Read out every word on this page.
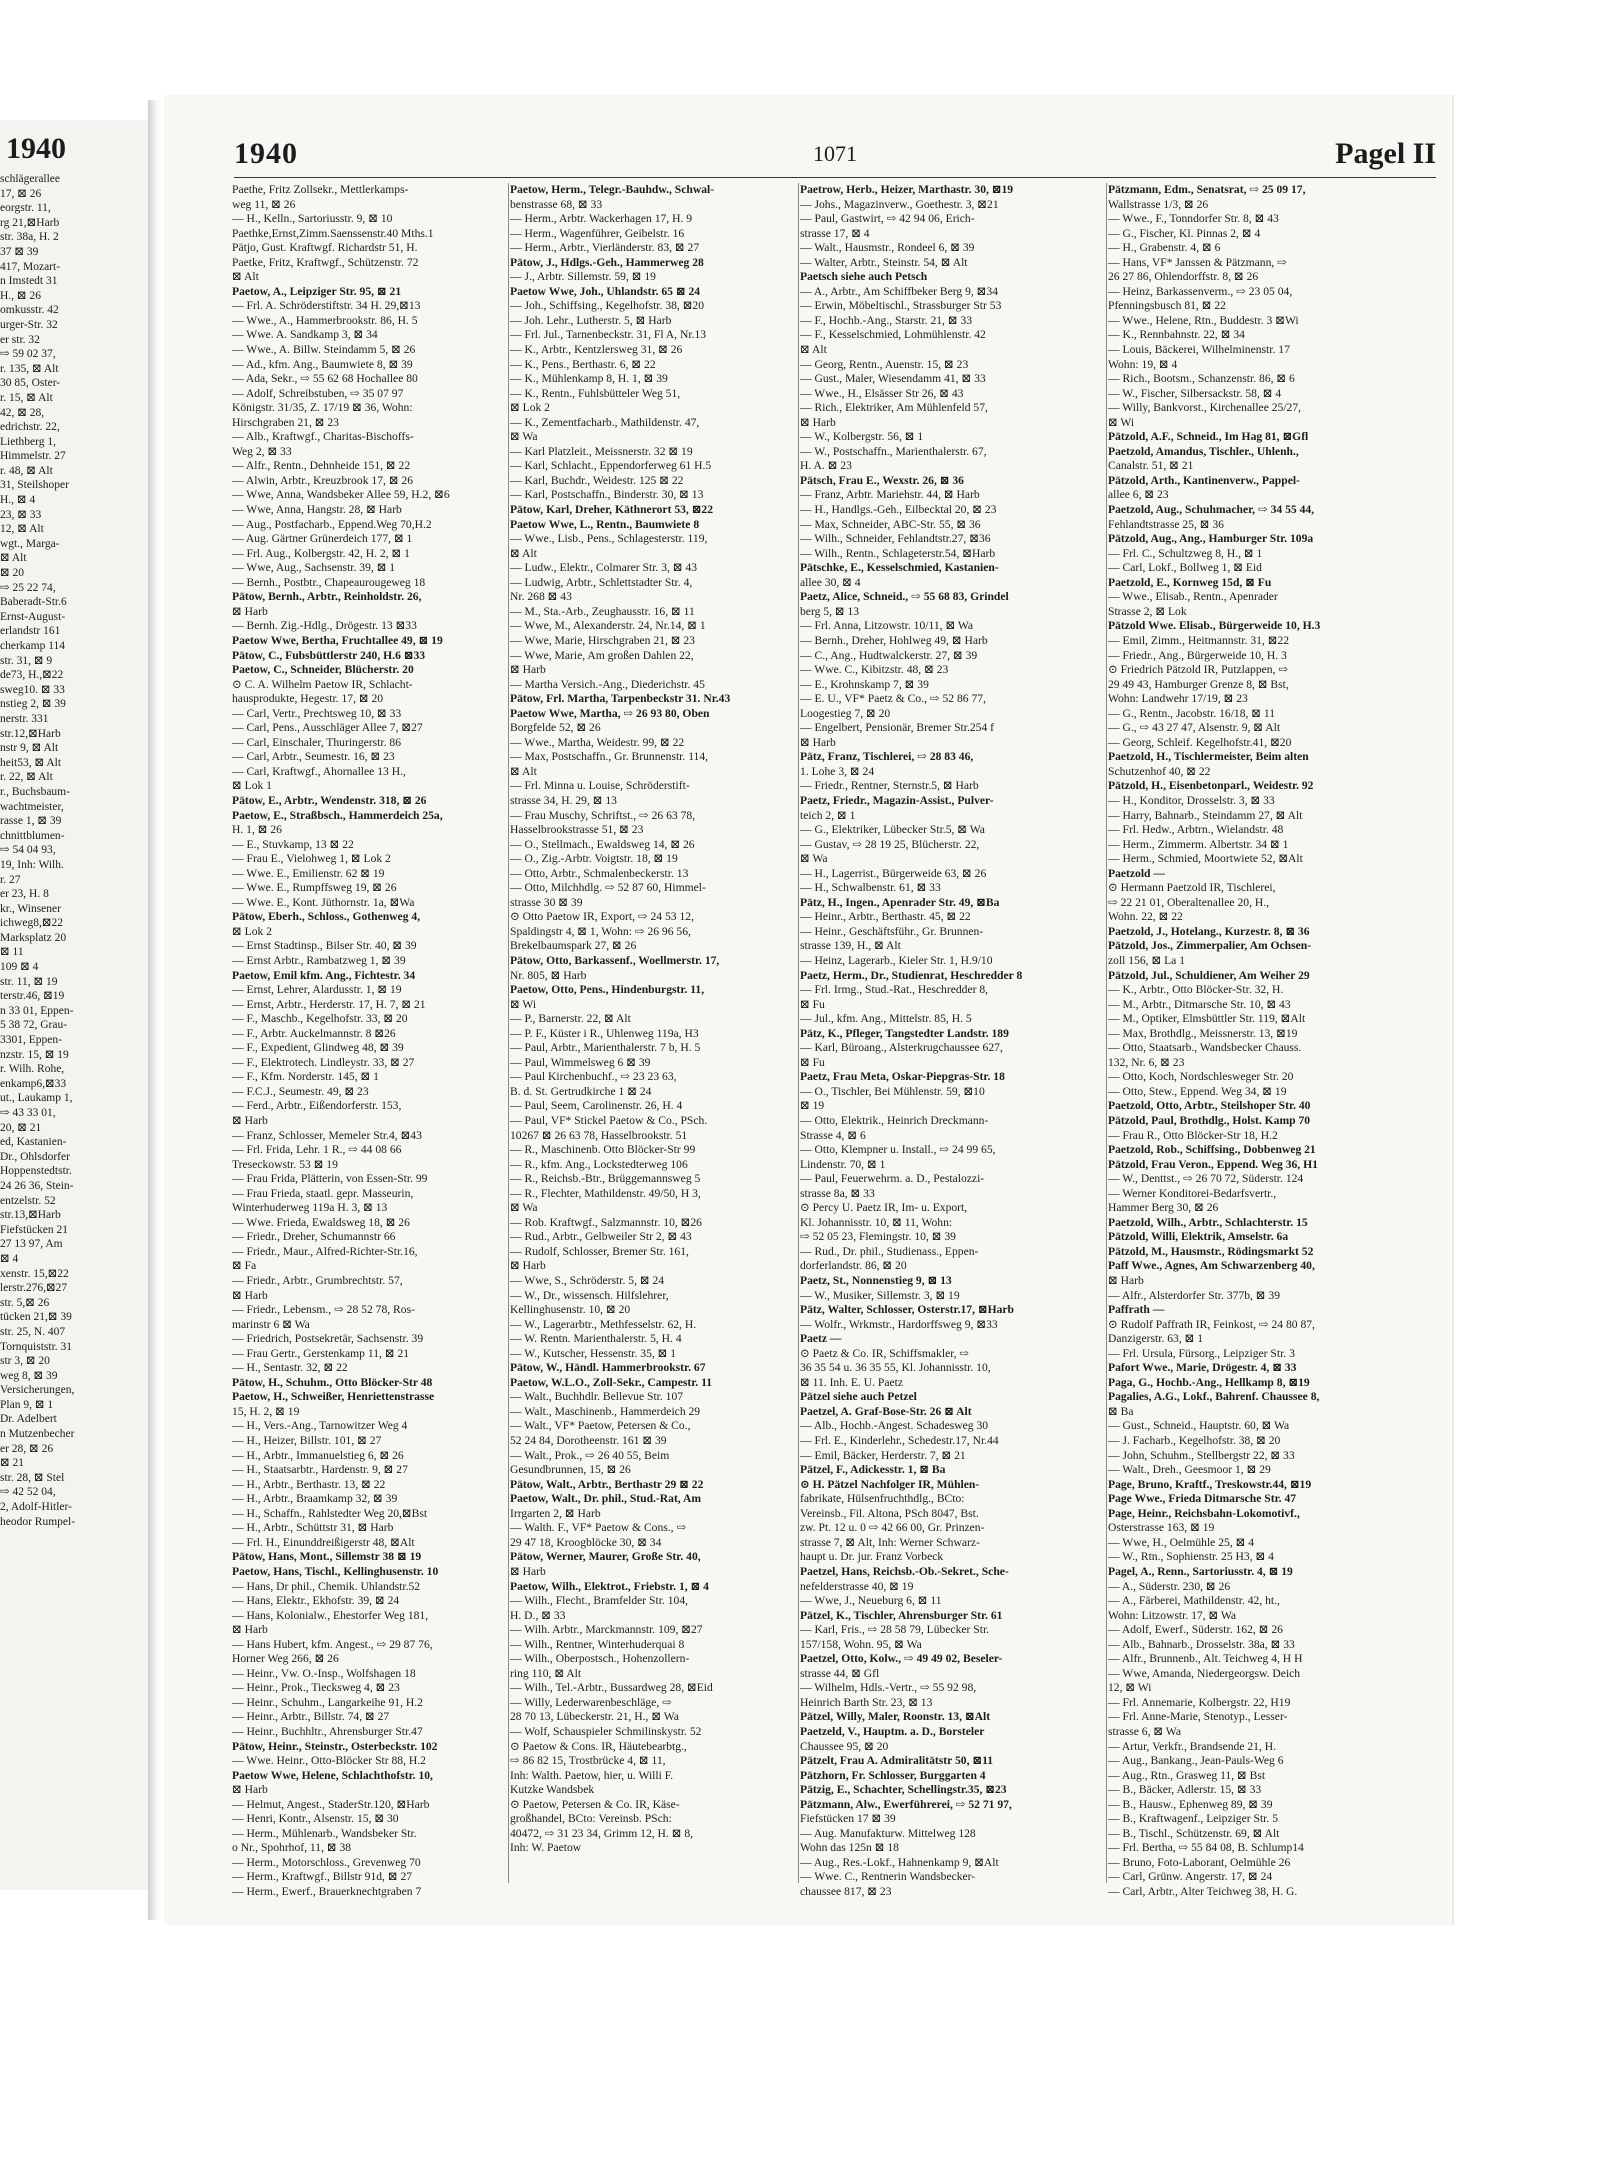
1940
schlägerallee
17, ⊠ 26
eorgstr. 11,
rg 21,⊠Harb
str. 38a, H. 2
37 ⊠ 39
417, Mozart-
n Imstedt 31
H., ⊠ 26
omkusstr. 42
urger-Str. 32
er str. 32
⇨ 59 02 37,
r. 135, ⊠ Alt
30 85, Oster-
r. 15, ⊠ Alt
42, ⊠ 28,
edrichstr. 22,
Liethberg 1,
Himmelstr. 27
r. 48, ⊠ Alt
31, Steilshoper
H., ⊠ 4
23, ⊠ 33
12, ⊠ Alt
wgt., Marga-
⊠ Alt
⊠ 20
⇨ 25 22 74,
Baberadt-Str.6
Ernst-August-
erlandstr 161
cherkamp 114
str. 31, ⊠ 9
de73, H.,⊠22
sweg10. ⊠ 33
nstieg 2, ⊠ 39
nerstr. 331
str.12,⊠Harb
nstr 9, ⊠ Alt
heit53, ⊠ Alt
r. 22, ⊠ Alt
r., Buchsbaum-
wachtmeister,
rasse 1, ⊠ 39
chnittblumen-
⇨ 54 04 93,
19, Inh: Wilh.
r. 27
er 23, H. 8
kr., Winsener
ichweg8,⊠22
Marksplatz 20
⊠ 11
109 ⊠ 4
str. 11, ⊠ 19
terstr.46, ⊠19
n 33 01, Eppen-
5 38 72, Grau-
3301, Eppen-
nzstr. 15, ⊠ 19
r. Wilh. Rohe,
enkamp6,⊠33
ut., Laukamp 1,
⇨ 43 33 01,
20, ⊠ 21
ed, Kastanien-
Dr., Ohlsdorfer
Hoppenstedtstr.
24 26 36, Stein-
entzelstr. 52
str.13,⊠Harb
Fiefstücken 21
27 13 97, Am
⊠ 4
xenstr. 15,⊠22
lerstr.276,⊠27
str. 5,⊠ 26
tücken 21,⊠ 39
str. 25, N. 407
Tornquiststr. 31
str 3, ⊠ 20
weg 8, ⊠ 39
Versicherungen,
Plan 9, ⊠ 1
Dr. Adelbert
n Mutzenbecher
er 28, ⊠ 26
⊠ 21
str. 28, ⊠ Stel
⇨ 42 52 04,
2, Adolf-Hitler-
heodor Rumpel-
1940	1071	Pagel II
Paethe, Fritz Zollsekr., Mettlerkamps-
weg 11, ⊠ 26
— H., Kelln., Sartoriusstr. 9, ⊠ 10
Paethke,Ernst,Zimm.Saenssenstr.40 Mths.1
Pätjo, Gust. Kraftwgf. Richardstr 51, H.
Paetke, Fritz, Kraftwgf., Schützenstr. 72
⊠ Alt
Paetow, A., Leipziger Str. 95, ⊠ 21
— Frl. A. Schröderstiftstr. 34 H. 29,⊠13
— Wwe., A., Hammerbrookstr. 86, H. 5
— Wwe. A. Sandkamp 3, ⊠ 34
— Wwe., A. Billw. Steindamm 5, ⊠ 26
— Ad., kfm. Ang., Baumwiete 8, ⊠ 39
— Ada, Sekr., ⇨ 55 62 68 Hochallee 80
— Adolf, Schreibstuben, ⇨ 35 07 97
Königstr. 31/35, Z. 17/19 ⊠ 36, Wohn:
Hirschgraben 21, ⊠ 23
— Alb., Kraftwgf., Charitas-Bischoffs-
Weg 2, ⊠ 33
— Alfr., Rentn., Dehnheide 151, ⊠ 22
— Alwin, Arbtr., Kreuzbrook 17, ⊠ 26
— Wwe, Anna, Wandsbeker Allee 59, H.2, ⊠6
— Wwe, Anna, Hangstr. 28, ⊠ Harb
— Aug., Postfacharb., Eppend.Weg 70,H.2
— Aug. Gärtner Grünerdeich 177, ⊠ 1
— Frl. Aug., Kolbergstr. 42, H. 2, ⊠ 1
— Wwe, Aug., Sachsenstr. 39, ⊠ 1
— Bernh., Postbtr., Chapeaurougeweg 18
Pätow, Bernh., Arbtr., Reinholdstr. 26,
⊠ Harb
— Bernh. Zig.-Hdlg., Drögestr. 13 ⊠33
Paetow Wwe, Bertha, Fruchtallee 49, ⊠ 19
Pätow, C., Fubsbüttlerstr 240, H.6 ⊠33
Paetow, C., Schneider, Blücherstr. 20
⊙ C. A. Wilhelm Paetow IR, Schlacht-
hausprodukte, Hegestr. 17, ⊠ 20
— Carl, Vertr., Prechtsweg 10, ⊠ 33
— Carl, Pens., Ausschläger Allee 7, ⊠27
— Carl, Einschaler, Thuringerstr. 86
— Carl, Arbtr., Seumestr. 16, ⊠ 23
— Carl, Kraftwgf., Ahornallee 13 H.,
⊠ Lok 1
Pätow, E., Arbtr., Wendenstr. 318, ⊠ 26
Paetow, E., Straßbsch., Hammerdeich 25a,
H. 1, ⊠ 26
— E., Stuvkamp, 13 ⊠ 22
— Frau E., Vielohweg 1, ⊠ Lok 2
— Wwe. E., Emilienstr. 62 ⊠ 19
— Wwe. E., Rumpffsweg 19, ⊠ 26
— Wwe. E., Kont. Jüthornstr. 1a, ⊠Wa
Pätow, Eberh., Schloss., Gothenweg 4,
⊠ Lok 2
— Ernst Stadtinsp., Bilser Str. 40, ⊠ 39
— Ernst Arbtr., Rambatzweg 1, ⊠ 39
Paetow, Emil kfm. Ang., Fichtestr. 34
— Ernst, Lehrer, Alardusstr. 1, ⊠ 19
— Ernst, Arbtr., Herderstr. 17, H. 7, ⊠ 21
— F., Maschb., Kegelhofstr. 33, ⊠ 20
— F., Arbtr. Auckelmannstr. 8 ⊠26
— F., Expedient, Glindweg 48, ⊠ 39
— F., Elektrotech. Lindleystr. 33, ⊠ 27
— F., Kfm. Norderstr. 145, ⊠ 1
— F.C.J., Seumestr. 49, ⊠ 23
— Ferd., Arbtr., Eißendorferstr. 153,
⊠ Harb
— Franz, Schlosser, Memeler Str.4, ⊠43
— Frl. Frida, Lehr. 1 R., ⇨ 44 08 66
Treseckowstr. 53 ⊠ 19
— Frau Frida, Plätterin, von Essen-Str. 99
— Frau Frieda, staatl. gepr. Masseurin,
Winterhuderweg 119a H. 3, ⊠ 13
— Wwe. Frieda, Ewaldsweg 18, ⊠ 26
— Friedr., Dreher, Schumannstr 66
— Friedr., Maur., Alfred-Richter-Str.16,
⊠ Fa
— Friedr., Arbtr., Grumbrechtstr. 57,
⊠ Harb
— Friedr., Lebensm., ⇨ 28 52 78, Ros-
marinstr 6 ⊠ Wa
— Friedrich, Postsekretär, Sachsenstr. 39
— Frau Gertr., Gerstenkamp 11, ⊠ 21
— H., Sentastr. 32, ⊠ 22
Pätow, H., Schuhm., Otto Blöcker-Str 48
Paetow, H., Schweißer, Henriettenstrasse
15, H. 2, ⊠ 19
— H., Vers.-Ang., Tarnowitzer Weg 4
— H., Heizer, Billstr. 101, ⊠ 27
— H., Arbtr., Immanuelstieg 6, ⊠ 26
— H., Staatsarbtr., Hardenstr. 9, ⊠ 27
— H., Arbtr., Berthastr. 13, ⊠ 22
— H., Arbtr., Braamkamp 32, ⊠ 39
— H., Schaffn., Rahlstedter Weg 20,⊠Bst
— H., Arbtr., Schüttstr 31, ⊠ Harb
— Frl. H., Einunddreißigerstr 48, ⊠Alt
Pätow, Hans, Mont., Sillemstr 38 ⊠ 19
Paetow, Hans, Tischl., Kellinghusenstr. 10
— Hans, Dr phil., Chemik. Uhlandstr.52
— Hans, Elektr., Ekhofstr. 39, ⊠ 24
— Hans, Kolonialw., Ehestorfer Weg 181,
⊠ Harb
— Hans Hubert, kfm. Angest., ⇨ 29 87 76,
Horner Weg 266, ⊠ 26
— Heinr., Vw. O.-Insp., Wolfshagen 18
— Heinr., Prok., Tiecksweg 4, ⊠ 23
— Heinr., Schuhm., Langarkeihe 91, H.2
— Heinr., Arbtr., Billstr. 74, ⊠ 27
— Heinr., Buchhltr., Ahrensburger Str.47
Pätow, Heinr., Steinstr., Osterbeckstr. 102
— Wwe. Heinr., Otto-Blöcker Str 88, H.2
Paetow Wwe, Helene, Schlachthofstr. 10,
⊠ Harb
— Helmut, Angest., StaderStr.120, ⊠Harb
— Henri, Kontr., Alsenstr. 15, ⊠ 30
— Herm., Mühlenarb., Wandsbeker Str.
o Nr., Spohrhof, 11, ⊠ 38
— Herm., Motorschloss., Grevenweg 70
— Herm., Kraftwgf., Billstr 91d, ⊠ 27
— Herm., Ewerf., Brauerknechtgraben 7
Paetow, Herm., Telegr.-Bauhdw., Schwal-
benstrasse 68, ⊠ 33
— Herm., Arbtr. Wackerhagen 17, H. 9
— Herm., Wagenführer, Geibelstr. 16
— Herm., Arbtr., Vierländerstr. 83, ⊠ 27
Pätow, J., Hdlgs.-Geh., Hammerweg 28
— J., Arbtr. Sillemstr. 59, ⊠ 19
Paetow Wwe, Joh., Uhlandstr. 65 ⊠ 24
— Joh., Schiffsing., Kegelhofstr. 38, ⊠20
— Joh. Lehr., Lutherstr. 5, ⊠ Harb
— Frl. Jul., Tarnenbeckstr. 31, Fl A, Nr.13
— K., Arbtr., Kentzlersweg 31, ⊠ 26
— K., Pens., Berthastr. 6, ⊠ 22
— K., Mühlenkamp 8, H. 1, ⊠ 39
— K., Rentn., Fuhlsbütteler Weg 51,
⊠ Lok 2
— K., Zementfacharb., Mathildenstr. 47,
⊠ Wa
— Karl Platzleit., Meissnerstr. 32 ⊠ 19
— Karl, Schlacht., Eppendorferweg 61 H.5
— Karl, Buchdr., Weidestr. 125 ⊠ 22
— Karl, Postschaffn., Binderstr. 30, ⊠ 13
Pätow, Karl, Dreher, Käthnerort 53, ⊠22
Paetow Wwe, L., Rentn., Baumwiete 8
— Wwe., Lisb., Pens., Schlagesterstr. 119,
⊠ Alt
— Ludw., Elektr., Colmarer Str. 3, ⊠ 43
— Ludwig, Arbtr., Schlettstadter Str. 4,
Nr. 268 ⊠ 43
— M., Sta.-Arb., Zeughausstr. 16, ⊠ 11
— Wwe, M., Alexanderstr. 24, Nr.14, ⊠ 1
— Wwe, Marie, Hirschgraben 21, ⊠ 23
— Wwe, Marie, Am großen Dahlen 22,
⊠ Harb
— Martha Versich.-Ang., Diederichstr. 45
Pätow, Frl. Martha, Tarpenbeckstr 31. Nr.43
Paetow Wwe, Martha, ⇨ 26 93 80, Oben
Borgfelde 52, ⊠ 26
— Wwe., Martha, Weidestr. 99, ⊠ 22
— Max, Postschaffn., Gr. Brunnenstr. 114,
⊠ Alt
— Frl. Minna u. Louise, Schröderstift-
strasse 34, H. 29, ⊠ 13
— Frau Muschy, Schriftst., ⇨ 26 63 78,
Hasselbrookstrasse 51, ⊠ 23
— O., Stellmach., Ewaldsweg 14, ⊠ 26
— O., Zig.-Arbtr. Voigtstr. 18, ⊠ 19
— Otto, Arbtr., Schmalenbeckerstr. 13
— Otto, Milchhdlg. ⇨ 52 87 60, Himmel-
strasse 30 ⊠ 39
⊙ Otto Paetow IR, Export, ⇨ 24 53 12,
Spaldingstr 4, ⊠ 1, Wohn: ⇨ 26 96 56,
Brekelbaumspark 27, ⊠ 26
Pätow, Otto, Barkassenf., Woellmerstr. 17,
Nr. 805, ⊠ Harb
Paetow, Otto, Pens., Hindenburgstr. 11,
⊠ Wi
— P., Barnerstr. 22, ⊠ Alt
— P. F., Küster i R., Uhlenweg 119a, H3
— Paul, Arbtr., Marienthalerstr. 7 b, H. 5
— Paul, Wimmelsweg 6 ⊠ 39
— Paul Kirchenbuchf., ⇨ 23 23 63,
B. d. St. Gertrudkirche 1 ⊠ 24
— Paul, Seem, Carolinenstr. 26, H. 4
— Paul, VF* Stickel Paetow & Co., PSch.
10267 ⊠ 26 63 78, Hasselbrookstr. 51
— R., Maschinenb. Otto Blöcker-Str 99
— R., kfm. Ang., Lockstedterweg 106
— R., Reichsb.-Btr., Brüggemannsweg 5
— R., Flechter, Mathildenstr. 49/50, H 3,
⊠ Wa
— Rob. Kraftwgf., Salzmannstr. 10, ⊠26
— Rud., Arbtr., Gelbweiler Str 2, ⊠ 43
— Rudolf, Schlosser, Bremer Str. 161,
⊠ Harb
— Wwe, S., Schröderstr. 5, ⊠ 24
— W., Dr., wissensch. Hilfslehrer,
Kellinghusenstr. 10, ⊠ 20
— W., Lagerarbtr., Methfesselstr. 62, H.
— W. Rentn. Marienthalerstr. 5, H. 4
— W., Kutscher, Hessenstr. 35, ⊠ 1
Pätow, W., Händl. Hammerbrookstr. 67
Paetow, W.L.O., Zoll-Sekr., Campestr. 11
— Walt., Buchhdlr. Bellevue Str. 107
— Walt., Maschinenb., Hammerdeich 29
— Walt., VF* Paetow, Petersen & Co.,
52 24 84, Dorotheenstr. 161 ⊠ 39
— Walt., Prok., ⇨ 26 40 55, Beim
Gesundbrunnen, 15, ⊠ 26
Pätow, Walt., Arbtr., Berthastr 29 ⊠ 22
Paetow, Walt., Dr. phil., Stud.-Rat, Am
Irrgarten 2, ⊠ Harb
— Walth. F., VF* Paetow & Cons., ⇨
29 47 18, Kroogblöcke 30, ⊠ 34
Pätow, Werner, Maurer, Große Str. 40,
⊠ Harb
Paetow, Wilh., Elektrot., Friebstr. 1, ⊠ 4
— Wilh., Flecht., Bramfelder Str. 104,
H. D., ⊠ 33
— Wilh. Arbtr., Marckmannstr. 109, ⊠27
— Wilh., Rentner, Winterhuderquai 8
— Wilh., Oberpostsch., Hohenzollern-
ring 110, ⊠ Alt
— Wilh., Tel.-Arbtr., Bussardweg 28, ⊠Eid
— Willy, Lederwarenbeschläge, ⇨
28 70 13, Lübeckerstr. 21, H., ⊠ Wa
— Wolf, Schauspieler Schmilinskystr. 52
⊙ Paetow & Cons. IR, Häutebearbtg.,
⇨ 86 82 15, Trostbrücke 4, ⊠ 11,
Inh: Walth. Paetow, hier, u. Willi F.
Kutzke Wandsbek
⊙ Paetow, Petersen & Co. IR, Käse-
großhandel, BCto: Vereinsb. PSch:
40472, ⇨ 31 23 34, Grimm 12, H. ⊠ 8,
Inh: W. Paetow
Paetrow, Herb., Heizer, Marthastr. 30, ⊠19
— Johs., Magazinverw., Goethestr. 3, ⊠21
— Paul, Gastwirt, ⇨ 42 94 06, Erich-
strasse 17, ⊠ 4
— Walt., Hausmstr., Rondeel 6, ⊠ 39
— Walter, Arbtr., Steinstr. 54, ⊠ Alt
Paetsch siehe auch Petsch
— A., Arbtr., Am Schiffbeker Berg 9, ⊠34
— Erwin, Möbeltischl., Strassburger Str 53
— F., Hochb.-Ang., Starstr. 21, ⊠ 33
— F., Kesselschmied, Lohmühlenstr. 42
⊠ Alt
— Georg, Rentn., Auenstr. 15, ⊠ 23
— Gust., Maler, Wiesendamm 41, ⊠ 33
— Wwe., H., Elsässer Str 26, ⊠ 43
— Rich., Elektriker, Am Mühlenfeld 57,
⊠ Harb
— W., Kolbergstr. 56, ⊠ 1
— W., Postschaffn., Marienthalerstr. 67,
H. A. ⊠ 23
Pätsch, Frau E., Wexstr. 26, ⊠ 36
— Franz, Arbtr. Mariehstr. 44, ⊠ Harb
— H., Handlgs.-Geh., Eilbecktal 20, ⊠ 23
— Max, Schneider, ABC-Str. 55, ⊠ 36
— Wilh., Schneider, Fehlandtstr.27, ⊠36
— Wilh., Rentn., Schlageterstr.54, ⊠Harb
Pätschke, E., Kesselschmied, Kastanien-
allee 30, ⊠ 4
Paetz, Alice, Schneid., ⇨ 55 68 83, Grindel
berg 5, ⊠ 13
— Frl. Anna, Litzowstr. 10/11, ⊠ Wa
— Bernh., Dreher, Hohlweg 49, ⊠ Harb
— C., Ang., Hudtwalckerstr. 27, ⊠ 39
— Wwe. C., Kibitzstr. 48, ⊠ 23
— E., Krohnskamp 7, ⊠ 39
— E. U., VF* Paetz & Co., ⇨ 52 86 77,
Loogestieg 7, ⊠ 20
— Engelbert, Pensionär, Bremer Str.254 f
⊠ Harb
Pätz, Franz, Tischlerei, ⇨ 28 83 46,
1. Lohe 3, ⊠ 24
— Friedr., Rentner, Sternstr.5, ⊠ Harb
Paetz, Friedr., Magazin-Assist., Pulver-
teich 2, ⊠ 1
— G., Elektriker, Lübecker Str.5, ⊠ Wa
— Gustav, ⇨ 28 19 25, Blücherstr. 22,
⊠ Wa
— H., Lagerrist., Bürgerweide 63, ⊠ 26
— H., Schwalbenstr. 61, ⊠ 33
Pätz, H., Ingen., Apenrader Str. 49, ⊠Ba
— Heinr., Arbtr., Berthastr. 45, ⊠ 22
— Heinr., Geschäftsführ., Gr. Brunnen-
strasse 139, H., ⊠ Alt
— Heinz, Lagerarb., Kieler Str. 1, H.9/10
Paetz, Herm., Dr., Studienrat, Heschredder 8
— Frl. Irmg., Stud.-Rat., Heschredder 8,
⊠ Fu
— Jul., kfm. Ang., Mittelstr. 85, H. 5
Pätz, K., Pfleger, Tangstedter Landstr. 189
— Karl, Büroang., Alsterkrugchaussee 627,
⊠ Fu
Paetz, Frau Meta, Oskar-Piepgras-Str. 18
— O., Tischler, Bei Mühlenstr. 59, ⊠10
⊠ 19
— Otto, Elektrik., Heinrich Dreckmann-
Strasse 4, ⊠ 6
— Otto, Klempner u. Install., ⇨ 24 99 65,
Lindenstr. 70, ⊠ 1
— Paul, Feuerwehrm. a. D., Pestalozzi-
strasse 8a, ⊠ 33
⊙ Percy U. Paetz IR, Im- u. Export,
Kl. Johannisstr. 10, ⊠ 11, Wohn:
⇨ 52 05 23, Flemingstr. 10, ⊠ 39
— Rud., Dr. phil., Studienass., Eppen-
dorferlandstr. 86, ⊠ 20
Paetz, St., Nonnenstieg 9, ⊠ 13
— W., Musiker, Sillemstr. 3, ⊠ 19
Pätz, Walter, Schlosser, Osterstr.17, ⊠Harb
— Wolfr., Wrkmstr., Hardorffsweg 9, ⊠33
Paetz —
⊙ Paetz & Co. IR, Schiffsmakler, ⇨
36 35 54 u. 36 35 55, Kl. Johannisstr. 10,
⊠ 11. Inh. E. U. Paetz
Pätzel siehe auch Petzel
Paetzel, A. Graf-Bose-Str. 26 ⊠ Alt
— Alb., Hochb.-Angest. Schadesweg 30
— Frl. E., Kinderlehr., Schedestr.17, Nr.44
— Emil, Bäcker, Herderstr. 7, ⊠ 21
Pätzel, F., Adickesstr. 1, ⊠ Ba
⊙ H. Pätzel Nachfolger IR, Mühlen-
fabrikate, Hülsenfruchthdlg., BCto:
Vereinsb., Fil. Altona, PSch 8047, Bst.
zw. Pt. 12 u. 0 ⇨ 42 66 00, Gr. Prinzen-
strasse 7, ⊠ Alt, Inh: Werner Schwarz-
haupt u. Dr. jur. Franz Vorbeck
Paetzel, Hans, Reichsb.-Ob.-Sekret., Sche-
nefelderstrasse 40, ⊠ 19
— Wwe, J., Neueburg 6, ⊠ 11
Pätzel, K., Tischler, Ahrensburger Str. 61
— Karl, Fris., ⇨ 28 58 79, Lübecker Str.
157/158, Wohn. 95, ⊠ Wa
Paetzel, Otto, Kolw., ⇨ 49 49 02, Beseler-
strasse 44, ⊠ Gfl
— Wilhelm, Hdls.-Vertr., ⇨ 55 92 98,
Heinrich Barth Str. 23, ⊠ 13
Pätzel, Willy, Maler, Roonstr. 13, ⊠Alt
Paetzeld, V., Hauptm. a. D., Borsteler
Chaussee 95, ⊠ 20
Pätzelt, Frau A. Admiralitätstr 50, ⊠11
Pätzhorn, Fr. Schlosser, Burggarten 4
Pätzig, E., Schachter, Schellingstr.35, ⊠23
Pätzmann, Alw., Ewerführerei, ⇨ 52 71 97,
Fiefstücken 17 ⊠ 39
— Aug. Manufakturw. Mittelweg 128
Wohn das 125n ⊠ 18
— Aug., Res.-Lokf., Hahnenkamp 9, ⊠Alt
— Wwe. C., Rentnerin Wandsbecker-
chaussee 817, ⊠ 23
Pätzmann, Edm., Senatsrat, ⇨ 25 09 17,
Wallstrasse 1/3, ⊠ 26
— Wwe., F., Tonndorfer Str. 8, ⊠ 43
— G., Fischer, Kl. Pinnas 2, ⊠ 4
— H., Grabenstr. 4, ⊠ 6
— Hans, VF* Janssen & Pätzmann, ⇨
26 27 86, Ohlendorffstr. 8, ⊠ 26
— Heinz, Barkassenverm., ⇨ 23 05 04,
Pfenningsbusch 81, ⊠ 22
— Wwe., Helene, Rtn., Buddestr. 3 ⊠Wi
— K., Rennbahnstr. 22, ⊠ 34
— Louis, Bäckerei, Wilhelminenstr. 17
Wohn: 19, ⊠ 4
— Rich., Bootsm., Schanzenstr. 86, ⊠ 6
— W., Fischer, Silbersackstr. 58, ⊠ 4
— Willy, Bankvorst., Kirchenallee 25/27,
⊠ Wi
Pätzold, A.F., Schneid., Im Hag 81, ⊠Gfl
Paetzold, Amandus, Tischler., Uhlenh.,
Canalstr. 51, ⊠ 21
Pätzold, Arth., Kantinenverw., Pappel-
allee 6, ⊠ 23
Paetzold, Aug., Schuhmacher, ⇨ 34 55 44,
Fehlandtstrasse 25, ⊠ 36
Pätzold, Aug., Ang., Hamburger Str. 109a
— Frl. C., Schultzweg 8, H., ⊠ 1
— Carl, Lokf., Bollweg 1, ⊠ Eid
Paetzold, E., Kornweg 15d, ⊠ Fu
— Wwe., Elisab., Rentn., Apenrader
Strasse 2, ⊠ Lok
Pätzold Wwe. Elisab., Bürgerweide 10, H.3
— Emil, Zimm., Heitmannstr. 31, ⊠22
— Friedr., Ang., Bürgerweide 10, H. 3
⊙ Friedrich Pätzold IR, Putzlappen, ⇨
29 49 43, Hamburger Grenze 8, ⊠ Bst,
Wohn: Landwehr 17/19, ⊠ 23
— G., Rentn., Jacobstr. 16/18, ⊠ 11
— G., ⇨ 43 27 47, Alsenstr. 9, ⊠ Alt
— Georg, Schleif. Kegelhofstr.41, ⊠20
Paetzold, H., Tischlermeister, Beim alten
Schutzenhof 40, ⊠ 22
Pätzold, H., Eisenbetonparl., Weidestr. 92
— H., Konditor, Drosselstr. 3, ⊠ 33
— Harry, Bahnarb., Steindamm 27, ⊠ Alt
— Frl. Hedw., Arbtrn., Wielandstr. 48
— Herm., Zimmerm. Albertstr. 34 ⊠ 1
— Herm., Schmied, Moortwiete 52, ⊠Alt
Paetzold —
⊙ Hermann Paetzold IR, Tischlerei,
⇨ 22 21 01, Oberaltenallee 20, H.,
Wohn. 22, ⊠ 22
Paetzold, J., Hotelang., Kurzestr. 8, ⊠ 36
Pätzold, Jos., Zimmerpalier, Am Ochsen-
zoll 156, ⊠ La 1
Pätzold, Jul., Schuldiener, Am Weiher 29
— K., Arbtr., Otto Blöcker-Str. 32, H.
— M., Arbtr., Ditmarsche Str. 10, ⊠ 43
— M., Optiker, Elmsbüttler Str. 119, ⊠Alt
— Max, Brothdlg., Meissnerstr. 13, ⊠19
— Otto, Staatsarb., Wandsbecker Chauss.
132, Nr. 6, ⊠ 23
— Otto, Koch, Nordschlesweger Str. 20
— Otto, Stew., Eppend. Weg 34, ⊠ 19
Paetzold, Otto, Arbtr., Steilshoper Str. 40
Pätzold, Paul, Brothdlg., Holst. Kamp 70
— Frau R., Otto Blöcker-Str 18, H.2
Paetzold, Rob., Schiffsing., Dobbenweg 21
Pätzold, Frau Veron., Eppend. Weg 36, H1
— W., Denttst., ⇨ 26 70 72, Süderstr. 124
— Werner Konditorei-Bedarfsvertr.,
Hammer Berg 30, ⊠ 26
Paetzold, Wilh., Arbtr., Schlachterstr. 15
Pätzold, Willi, Elektrik, Amselstr. 6a
Pätzold, M., Hausmstr., Rödingsmarkt 52
Paff Wwe., Agnes, Am Schwarzenberg 40,
⊠ Harb
— Alfr., Alsterdorfer Str. 377b, ⊠ 39
Paffrath —
⊙ Rudolf Paffrath IR, Feinkost, ⇨ 24 80 87,
Danzigerstr. 63, ⊠ 1
— Frl. Ursula, Fürsorg., Leipziger Str. 3
Pafort Wwe., Marie, Drögestr. 4, ⊠ 33
Paga, G., Hochb.-Ang., Hellkamp 8, ⊠19
Pagalies, A.G., Lokf., Bahrenf. Chaussee 8,
⊠ Ba
— Gust., Schneid., Hauptstr. 60, ⊠ Wa
— J. Facharb., Kegelhofstr. 38, ⊠ 20
— John, Schuhm., Stellbergstr 22, ⊠ 33
— Walt., Dreh., Geesmoor 1, ⊠ 29
Page, Bruno, Kraftf., Treskowstr.44, ⊠19
Page Wwe., Frieda Ditmarsche Str. 47
Page, Heinr., Reichsbahn-Lokomotivf.,
Osterstrasse 163, ⊠ 19
— Wwe, H., Oelmühle 25, ⊠ 4
— W., Rtn., Sophienstr. 25 H3, ⊠ 4
Pagel, A., Renn., Sartoriusstr. 4, ⊠ 19
— A., Süderstr. 230, ⊠ 26
— A., Färberei, Mathildenstr. 42, ht.,
Wohn: Litzowstr. 17, ⊠ Wa
— Adolf, Ewerf., Süderstr. 162, ⊠ 26
— Alb., Bahnarb., Drosselstr. 38a, ⊠ 33
— Alfr., Brunnenb., Alt. Teichweg 4, H H
— Wwe, Amanda, Niedergeorgsw. Deich
12, ⊠ Wi
— Frl. Annemarie, Kolbergstr. 22, H19
— Frl. Anne-Marie, Stenotyp., Lesser-
strasse 6, ⊠ Wa
— Artur, Verkfr., Brandsende 21, H.
— Aug., Bankang., Jean-Pauls-Weg 6
— Aug., Rtn., Grasweg 11, ⊠ Bst
— B., Bäcker, Adlerstr. 15, ⊠ 33
— B., Hausw., Ephenweg 89, ⊠ 39
— B., Kraftwagenf., Leipziger Str. 5
— B., Tischl., Schützenstr. 69, ⊠ Alt
— Frl. Bertha, ⇨ 55 84 08, B. Schlump14
— Bruno, Foto-Laborant, Oelmühle 26
— Carl, Grünw. Angerstr. 17, ⊠ 24
— Carl, Arbtr., Alter Teichweg 38, H. G.
